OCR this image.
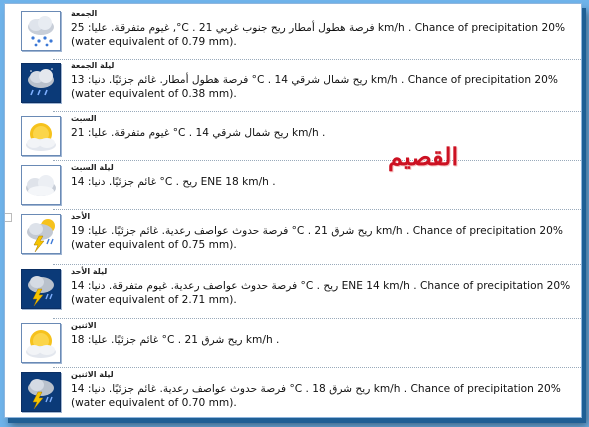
الجمعة
25 :غيوم متفرقة. عليا ,°C . 21 فرصة هطول أمطار ريح جنوب غربي km/h . Chance of precipitation 20% (water equivalent of 0.79 mm).
ليلة الجمعة
13 :فرصة هطول أمطار. غائم جزئيًا. دنيا °C . 14 ريح شمال شرقي km/h . Chance of precipitation 20% (water equivalent of 0.38 mm).
السبت
21 :غيوم متفرقة. عليا °C . 14 ريح شمال شرقي km/h .
ليلة السبت
14 :غائم جزئيًا. دنيا °C . ريح ENE 18 km/h .
الأحد
19 :فرصة حدوث عواصف رعدية. غائم جزئيًا. عليا °C . 21 ريح شرق km/h . Chance of precipitation 20% (water equivalent of 0.75 mm).
ليلة الأحد
14 :فرصة حدوث عواصف رعدية. غيوم متفرقة. دنيا °C . ريح ENE 14 km/h . Chance of precipitation 20% (water equivalent of 2.71 mm).
الاثنين
18 :غائم جزئيًا. عليا °C . 21 ريح شرق km/h .
ليلة الاثنين
14 :فرصة حدوث عواصف رعدية. غائم جزئيًا. دنيا °C . 18 ريح شرق km/h . Chance of precipitation 20% (water equivalent of 0.70 mm).
القصيم
